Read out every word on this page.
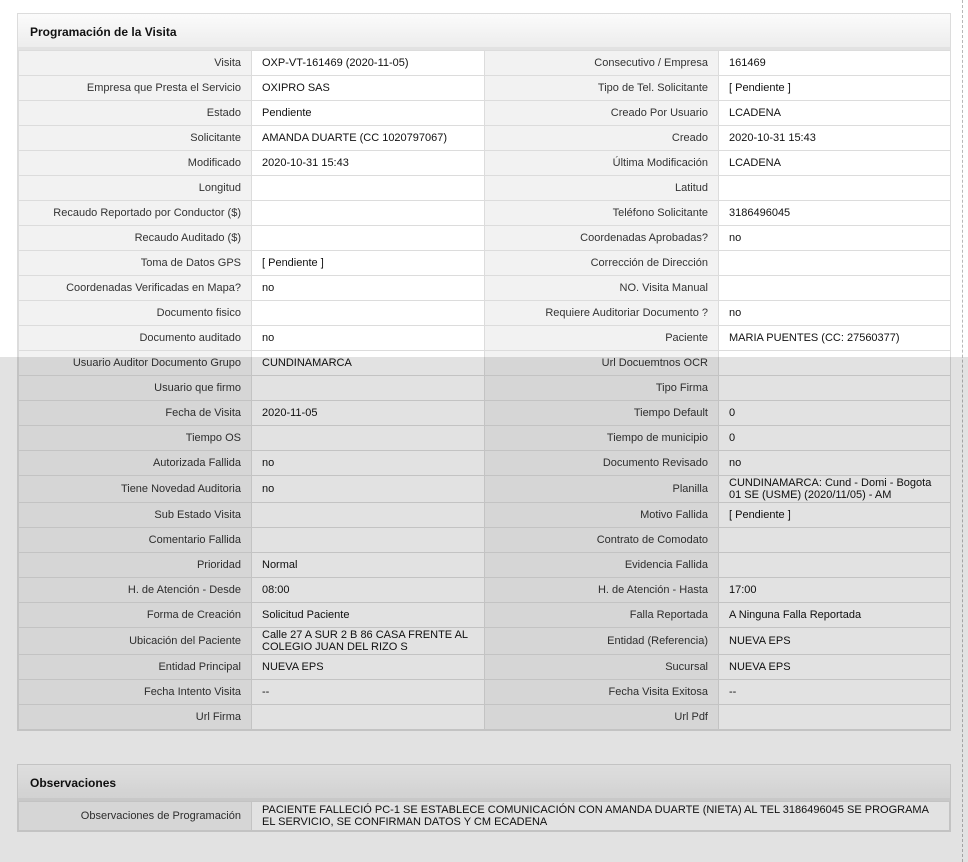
Programación de la Visita
Visita	OXP-VT-161469 (2020-11-05)	Consecutivo / Empresa	161469
Empresa que Presta el Servicio	OXIPRO SAS	Tipo de Tel. Solicitante	[ Pendiente ]
Estado	Pendiente	Creado Por Usuario	LCADENA
Solicitante	AMANDA DUARTE (CC 1020797067)	Creado	2020-10-31 15:43
Modificado	2020-10-31 15:43	Última Modificación	LCADENA
Longitud		Latitud	
Recaudo Reportado por Conductor ($)		Teléfono Solicitante	3186496045
Recaudo Auditado ($)		Coordenadas Aprobadas?	no
Toma de Datos GPS	[ Pendiente ]	Corrección de Dirección	
Coordenadas Verificadas en Mapa?	no	NO. Visita Manual	
Documento fisico		Requiere Auditoriar Documento ?	no
Documento auditado	no	Paciente	MARIA PUENTES (CC: 27560377)
Usuario Auditor Documento Grupo	CUNDINAMARCA	Url Docuemtnos OCR	
Usuario que firmo		Tipo Firma	
Fecha de Visita	2020-11-05	Tiempo Default	0
Tiempo OS		Tiempo de municipio	0
Autorizada Fallida	no	Documento Revisado	no
Tiene Novedad Auditoria	no	Planilla	CUNDINAMARCA: Cund - Domi - Bogota 01 SE (USME) (2020/11/05) - AM
Sub Estado Visita		Motivo Fallida	[ Pendiente ]
Comentario Fallida		Contrato de Comodato	
Prioridad	Normal	Evidencia Fallida	
H. de Atención - Desde	08:00	H. de Atención - Hasta	17:00
Forma de Creación	Solicitud Paciente	Falla Reportada	A Ninguna Falla Reportada
Ubicación del Paciente	Calle 27 A SUR 2 B 86 CASA FRENTE AL COLEGIO JUAN DEL RIZO S	Entidad (Referencia)	NUEVA EPS
Entidad Principal	NUEVA EPS	Sucursal	NUEVA EPS
Fecha Intento Visita	--	Fecha Visita Exitosa	--
Url Firma		Url Pdf	
Observaciones
Observaciones de Programación	PACIENTE FALLECIÓ PC-1 SE ESTABLECE COMUNICACIÓN CON AMANDA DUARTE (NIETA) AL TEL 3186496045 SE PROGRAMA EL SERVICIO, SE CONFIRMAN DATOS Y CM ECADENA
